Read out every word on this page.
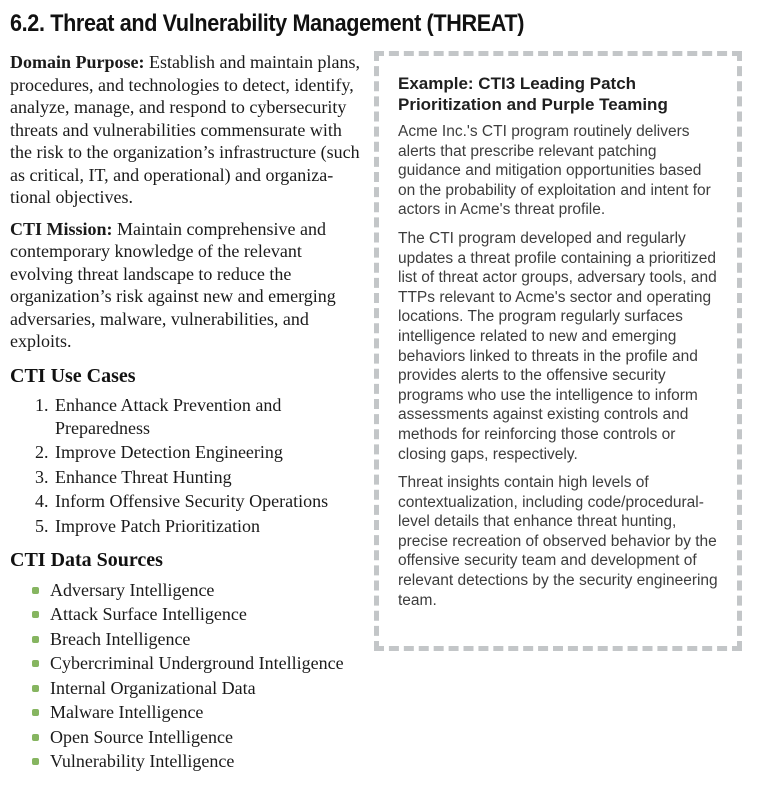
6.2. Threat and Vulnerability Management (THREAT)

Domain Purpose: Establish and maintain plans, procedures, and technologies to detect, identify, analyze, manage, and respond to cybersecurity threats and vulnerabilities commensurate with the risk to the organization’s infrastructure (such as critical, IT, and operational) and organizational objectives.

CTI Mission: Maintain comprehensive and contemporary knowledge of the relevant evolving threat landscape to reduce the organization’s risk against new and emerging adversaries, malware, vulnerabilities, and exploits.

CTI Use Cases
1. Enhance Attack Prevention and Preparedness
2. Improve Detection Engineering
3. Enhance Threat Hunting
4. Inform Offensive Security Operations
5. Improve Patch Prioritization
CTI Data Sources
Adversary Intelligence
Attack Surface Intelligence
Breach Intelligence
Cybercriminal Underground Intelligence
Internal Organizational Data
Malware Intelligence
Open Source Intelligence
Vulnerability Intelligence
Example: CTI3 Leading Patch Prioritization and Purple Teaming

Acme Inc.'s CTI program routinely delivers alerts that prescribe relevant patching guidance and mitigation opportunities based on the probability of exploitation and intent for actors in Acme's threat profile.

The CTI program developed and regularly updates a threat profile containing a prioritized list of threat actor groups, adversary tools, and TTPs relevant to Acme's sector and operating locations. The program regularly surfaces intelligence related to new and emerging behaviors linked to threats in the profile and provides alerts to the offensive security programs who use the intelligence to inform assessments against existing controls and methods for reinforcing those controls or closing gaps, respectively.

Threat insights contain high levels of contextualization, including code/procedural-level details that enhance threat hunting, precise recreation of observed behavior by the offensive security team and development of relevant detections by the security engineering team.
